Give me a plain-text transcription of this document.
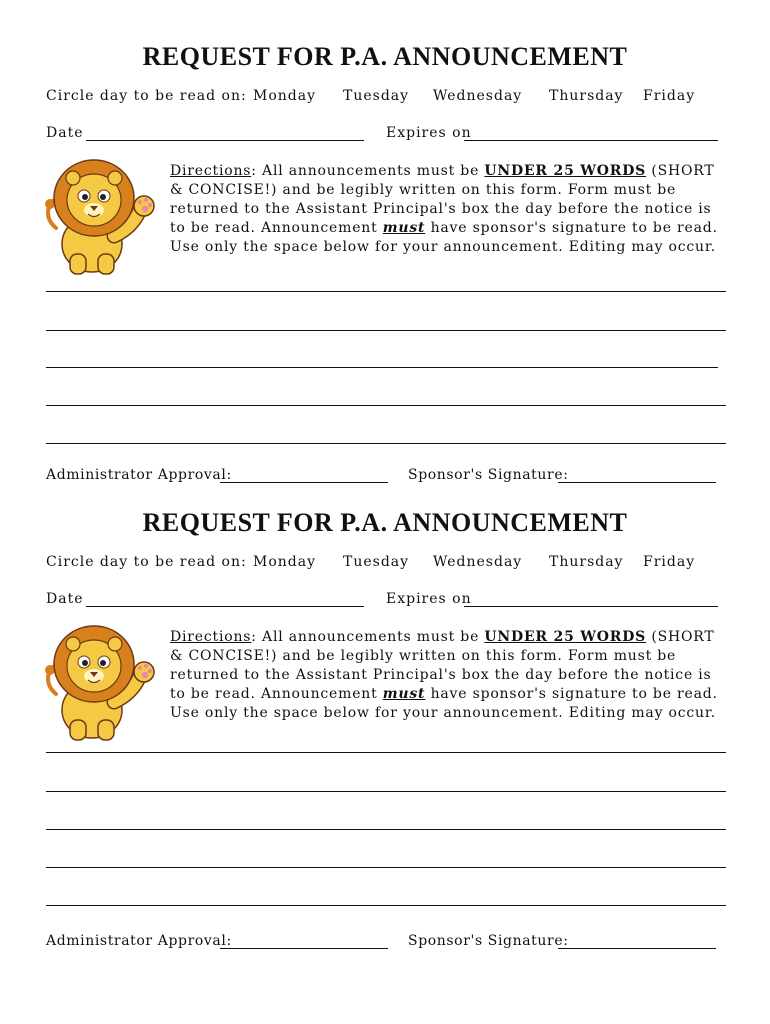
REQUEST FOR P.A. ANNOUNCEMENT
Circle day to be read on: Monday Tuesday Wednesday Thursday Friday
Date	Expires on
Directions: All announcements must be UNDER 25 WORDS (SHORT & CONCISE!) and be legibly written on this form. Form must be returned to the Assistant Principal's box the day before the notice is to be read. Announcement must have sponsor's signature to be read. Use only the space below for your announcement. Editing may occur.
Administrator Approval:	Sponsor's Signature:
REQUEST FOR P.A. ANNOUNCEMENT
Circle day to be read on: Monday Tuesday Wednesday Thursday Friday
Date	Expires on
Directions: All announcements must be UNDER 25 WORDS (SHORT & CONCISE!) and be legibly written on this form. Form must be returned to the Assistant Principal's box the day before the notice is to be read. Announcement must have sponsor's signature to be read. Use only the space below for your announcement. Editing may occur.
Administrator Approval:	Sponsor's Signature:
